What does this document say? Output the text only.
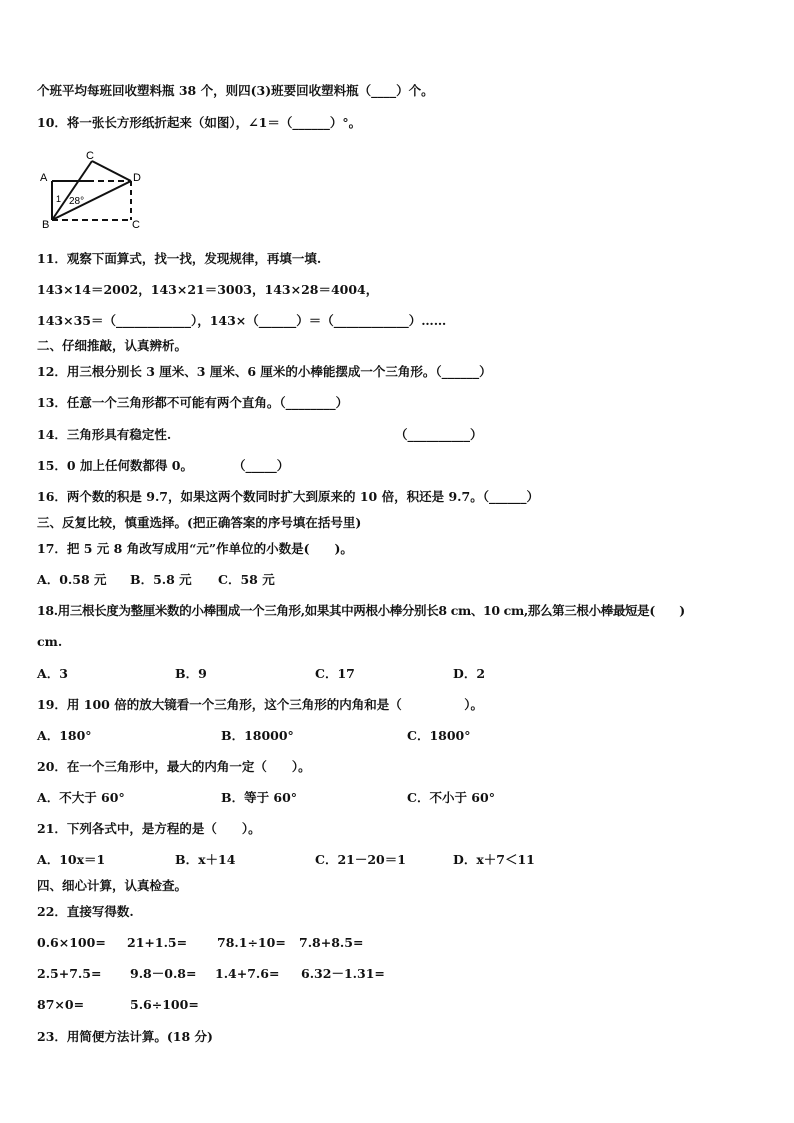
个班平均每班回收塑料瓶 38 个，则四(3)班要回收塑料瓶（____）个。

10．将一张长方形纸折起来（如图），∠1＝（______）°。

A
C
D
B	C
1 28°

11．观察下面算式，找一找，发现规律，再填一填.

143×14＝2002，143×21＝3003，143×28＝4004，

143×35＝（____________），143×（______）＝（____________）……

二、仔细推敲，认真辨析。

12．用三根分别长 3 厘米、3 厘米、6 厘米的小棒能摆成一个三角形。（______）

13．任意一个三角形都不可能有两个直角。（________）

14．三角形具有稳定性.	（__________）

15．0 加上任何数都得 0。	（_____）

16．两个数的积是 9.7，如果这两个数同时扩大到原来的 10 倍，积还是 9.7。（______）

三、反复比较，慎重选择。(把正确答案的序号填在括号里)

17．把 5 元 8 角改写成用“元”作单位的小数是(　　)。

A．0.58 元 B．5.8 元 C．58 元

18.用三根长度为整厘米数的小棒围成一个三角形,如果其中两根小棒分别长8 cm、10 cm,那么第三根小棒最短是(　　)

cm.

A．3	B．9	C．17	D．2

19．用 100 倍的放大镜看一个三角形，这个三角形的内角和是（　　　　　）。

A．180°	B．18000°	C．1800°

20．在一个三角形中，最大的内角一定（　　）。

A．不大于 60°	B．等于 60°	C．不小于 60°

21．下列各式中，是方程的是（　　）。

A．10x＝1	B．x＋14	C．21－20＝1	D．x＋7＜11

四、细心计算，认真检查。

22．直接写得数.

0.6×100= 21+1.5= 78.1÷10= 7.8+8.5=
2.5+7.5= 9.8－0.8= 1.4+7.6= 6.32－1.31=
87×0=	5.6÷100=

23．用简便方法计算。(18 分)
